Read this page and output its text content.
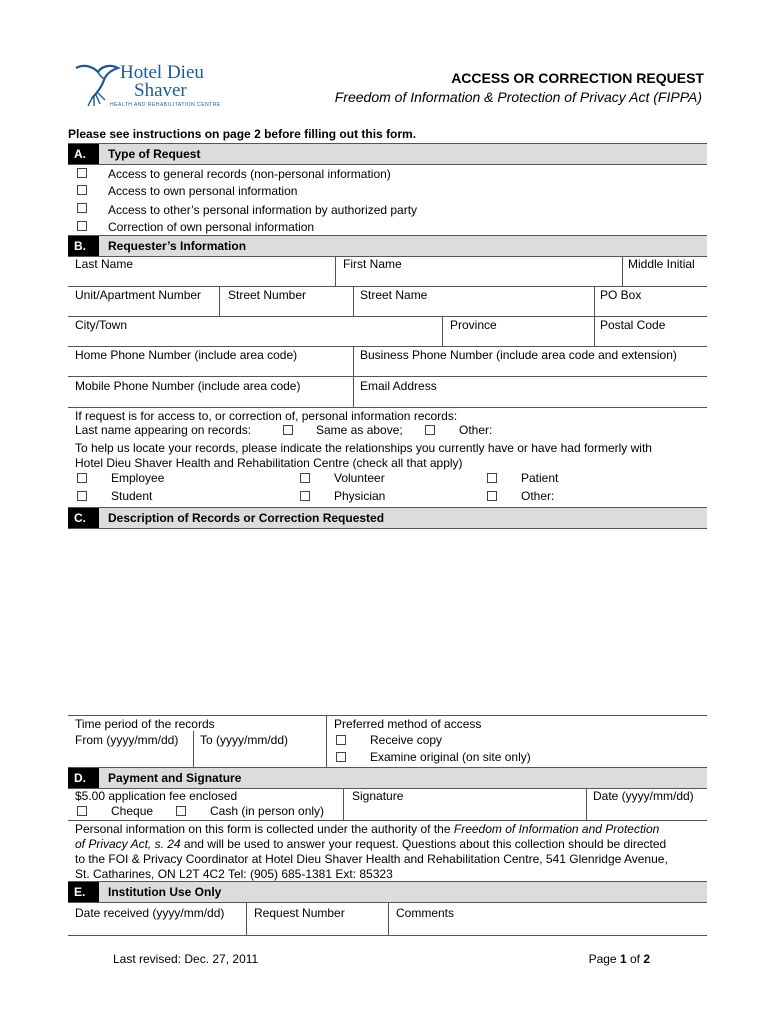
Hotel Dieu
Shaver
HEALTH AND REHABILITATION CENTRE
ACCESS OR CORRECTION REQUEST
Freedom of Information & Protection of Privacy Act (FIPPA)
Please see instructions on page 2 before filling out this form.
A.	Type of Request
Access to general records (non-personal information)
Access to own personal information
Access to other’s personal information by authorized party
Correction of own personal information
B.	Requester’s Information
Last Name	First Name	Middle Initial
Unit/Apartment Number Street Number	Street Name	PO Box
City/Town	Province	Postal Code
Home Phone Number (include area code)	Business Phone Number (include area code and extension)
Mobile Phone Number (include area code)	Email Address
If request is for access to, or correction of, personal information records:
Last name appearing on records:	Same as above;	Other:
To help us locate your records, please indicate the relationships you currently have or have had formerly with
Hotel Dieu Shaver Health and Rehabilitation Centre (check all that apply)
Employee	Volunteer	Patient
Student	Physician	Other:
C.	Description of Records or Correction Requested
Time period of the records
From (yyyy/mm/dd) To (yyyy/mm/dd)
Preferred method of access
Receive copy
Examine original (on site only)
D.	Payment and Signature
$5.00 application fee enclosed
Cheque	Cash (in person only)
Signature	Date (yyyy/mm/dd)
Personal information on this form is collected under the authority of the Freedom of Information and Protection
of Privacy Act, s. 24 and will be used to answer your request. Questions about this collection should be directed
to the FOI & Privacy Coordinator at Hotel Dieu Shaver Health and Rehabilitation Centre, 541 Glenridge Avenue,
St. Catharines, ON L2T 4C2 Tel: (905) 685-1381 Ext: 85323
E.	Institution Use Only
Date received (yyyy/mm/dd) Request Number	Comments
Last revised: Dec. 27, 2011	Page 1 of 2
